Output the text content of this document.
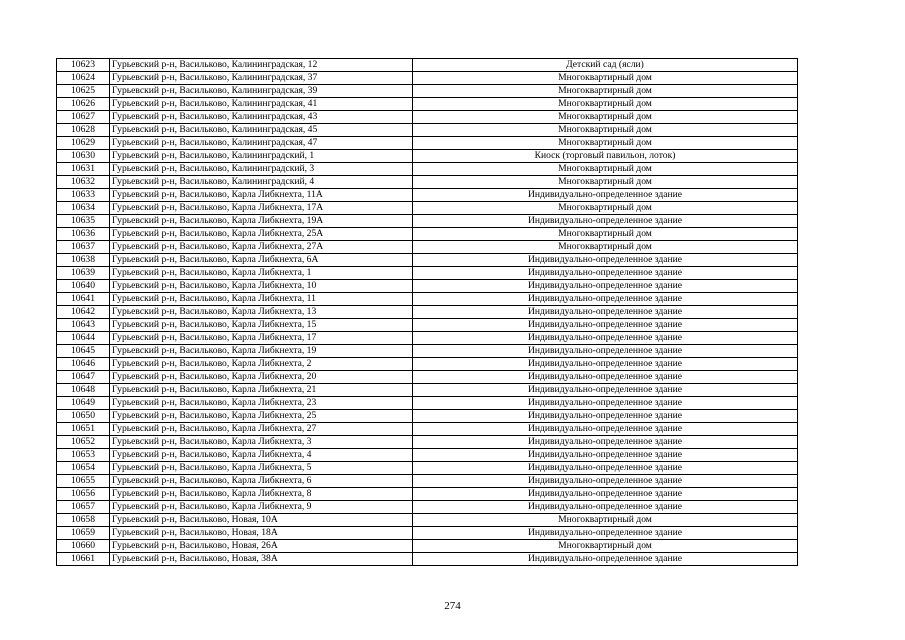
10623	Гурьевский р-н, Васильково, Калининградская, 12	Детский сад (ясли)
10624	Гурьевский р-н, Васильково, Калининградская, 37	Многоквартирный дом
10625	Гурьевский р-н, Васильково, Калининградская, 39	Многоквартирный дом
10626	Гурьевский р-н, Васильково, Калининградская, 41	Многоквартирный дом
10627	Гурьевский р-н, Васильково, Калининградская, 43	Многоквартирный дом
10628	Гурьевский р-н, Васильково, Калининградская, 45	Многоквартирный дом
10629	Гурьевский р-н, Васильково, Калининградская, 47	Многоквартирный дом
10630	Гурьевский р-н, Васильково, Калининградский, 1	Киоск (торговый павильон, лоток)
10631	Гурьевский р-н, Васильково, Калининградский, 3	Многоквартирный дом
10632	Гурьевский р-н, Васильково, Калининградский, 4	Многоквартирный дом
10633	Гурьевский р-н, Васильково, Карла Либкнехта, 11А	Индивидуально-определенное здание
10634	Гурьевский р-н, Васильково, Карла Либкнехта, 17А	Многоквартирный дом
10635	Гурьевский р-н, Васильково, Карла Либкнехта, 19А	Индивидуально-определенное здание
10636	Гурьевский р-н, Васильково, Карла Либкнехта, 25А	Многоквартирный дом
10637	Гурьевский р-н, Васильково, Карла Либкнехта, 27А	Многоквартирный дом
10638	Гурьевский р-н, Васильково, Карла Либкнехта, 6А	Индивидуально-определенное здание
10639	Гурьевский р-н, Васильково, Карла Либкнехта, 1	Индивидуально-определенное здание
10640	Гурьевский р-н, Васильково, Карла Либкнехта, 10	Индивидуально-определенное здание
10641	Гурьевский р-н, Васильково, Карла Либкнехта, 11	Индивидуально-определенное здание
10642	Гурьевский р-н, Васильково, Карла Либкнехта, 13	Индивидуально-определенное здание
10643	Гурьевский р-н, Васильково, Карла Либкнехта, 15	Индивидуально-определенное здание
10644	Гурьевский р-н, Васильково, Карла Либкнехта, 17	Индивидуально-определенное здание
10645	Гурьевский р-н, Васильково, Карла Либкнехта, 19	Индивидуально-определенное здание
10646	Гурьевский р-н, Васильково, Карла Либкнехта, 2	Индивидуально-определенное здание
10647	Гурьевский р-н, Васильково, Карла Либкнехта, 20	Индивидуально-определенное здание
10648	Гурьевский р-н, Васильково, Карла Либкнехта, 21	Индивидуально-определенное здание
10649	Гурьевский р-н, Васильково, Карла Либкнехта, 23	Индивидуально-определенное здание
10650	Гурьевский р-н, Васильково, Карла Либкнехта, 25	Индивидуально-определенное здание
10651	Гурьевский р-н, Васильково, Карла Либкнехта, 27	Индивидуально-определенное здание
10652	Гурьевский р-н, Васильково, Карла Либкнехта, 3	Индивидуально-определенное здание
10653	Гурьевский р-н, Васильково, Карла Либкнехта, 4	Индивидуально-определенное здание
10654	Гурьевский р-н, Васильково, Карла Либкнехта, 5	Индивидуально-определенное здание
10655	Гурьевский р-н, Васильково, Карла Либкнехта, 6	Индивидуально-определенное здание
10656	Гурьевский р-н, Васильково, Карла Либкнехта, 8	Индивидуально-определенное здание
10657	Гурьевский р-н, Васильково, Карла Либкнехта, 9	Индивидуально-определенное здание
10658	Гурьевский р-н, Васильково, Новая, 10А	Многоквартирный дом
10659	Гурьевский р-н, Васильково, Новая, 18А	Индивидуально-определенное здание
10660	Гурьевский р-н, Васильково, Новая, 26А	Многоквартирный дом
10661	Гурьевский р-н, Васильково, Новая, 38А	Индивидуально-определенное здание
274
